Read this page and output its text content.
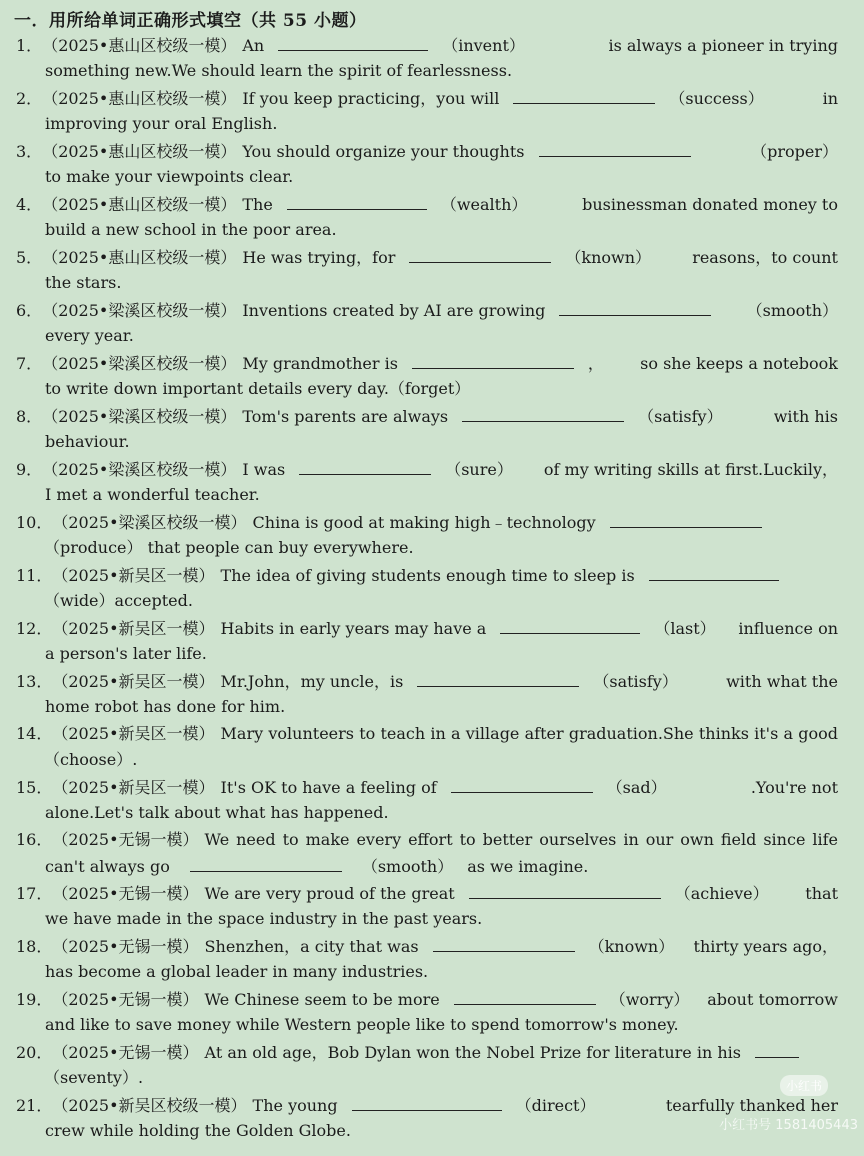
一．用所给单词正确形式填空（共 55 小题）
1． （2025•惠山区校级一模） An	（invent）	is always a pioneer in trying
something new.We should learn the spirit of fearlessness.
2． （2025•惠山区校级一模） If you keep practicing，you will	（success）	in
improving your oral English.
3． （2025•惠山区校级一模） You should organize your thoughts	（proper）
to make your viewpoints clear.
4． （2025•惠山区校级一模） The	（wealth）	businessman donated money to
build a new school in the poor area.
5． （2025•惠山区校级一模） He was trying，for	（known）	reasons，to count
the stars.
6． （2025•梁溪区校级一模） Inventions created by AI are growing	（smooth）
every year.
7． （2025•梁溪区校级一模） My grandmother is	， so she keeps a notebook
to write down important details every day.（forget）
8． （2025•梁溪区校级一模） Tom's parents are always	（satisfy）	with his
behaviour.
9． （2025•梁溪区校级一模） I was	（sure） of my writing skills at first.Luckily，
I met a wonderful teacher.
10． （2025•梁溪区校级一模） China is good at making high﹣technology
（produce） that people can buy everywhere.
11． （2025•新吴区一模） The idea of giving students enough time to sleep is
（wide）accepted.
12． （2025•新吴区一模） Habits in early years may have a	（last） influence on
a person's later life.
13． （2025•新吴区一模） Mr.John，my uncle，is	（satisfy）	with what the
home robot has done for him.
14． （2025•新吴区一模） Mary volunteers to teach in a village after graduation.She thinks it's a good
（choose）.
15． （2025•新吴区一模） It's OK to have a feeling of	（sad）	.You're not
alone.Let's talk about what has happened.
16． （2025•无锡一模） We need to make every effort to better ourselves in our own field since life
can't always go	（smooth） as we imagine.
17． （2025•无锡一模） We are very proud of the great	（achieve） that
we have made in the space industry in the past years.
18． （2025•无锡一模） Shenzhen，a city that was	（known） thirty years ago，
has become a global leader in many industries.
19． （2025•无锡一模） We Chinese seem to be more	（worry） about tomorrow
and like to save money while Western people like to spend tomorrow's money.
20． （2025•无锡一模） At an old age，Bob Dylan won the Nobel Prize for literature in his
（seventy）.
21． （2025•新吴区校级一模） The young	（direct）	tearfully thanked her
crew while holding the Golden Globe.
小红书
小红书号 1581405443
